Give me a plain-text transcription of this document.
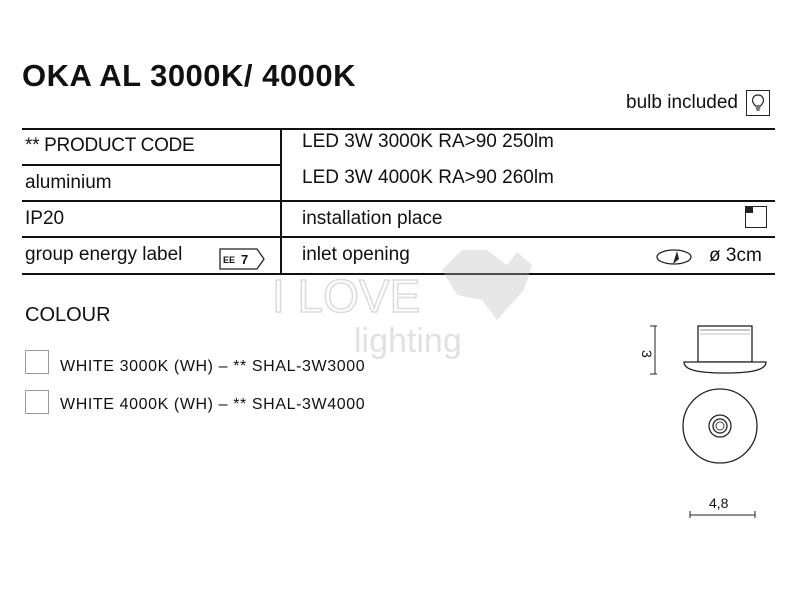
OKA AL 3000K/ 4000K
bulb included
** PRODUCT CODE
aluminium
IP20
group energy label	EE 7
LED 3W 3000K RA>90 250lm
LED 3W 4000K RA>90 260lm
installation place
inlet opening	ø 3cm
I LOVE
lighting
COLOUR
WHITE 3000K (WH) – ** SHAL-3W3000
WHITE 4000K (WH) – ** SHAL-3W4000
3
4,8
